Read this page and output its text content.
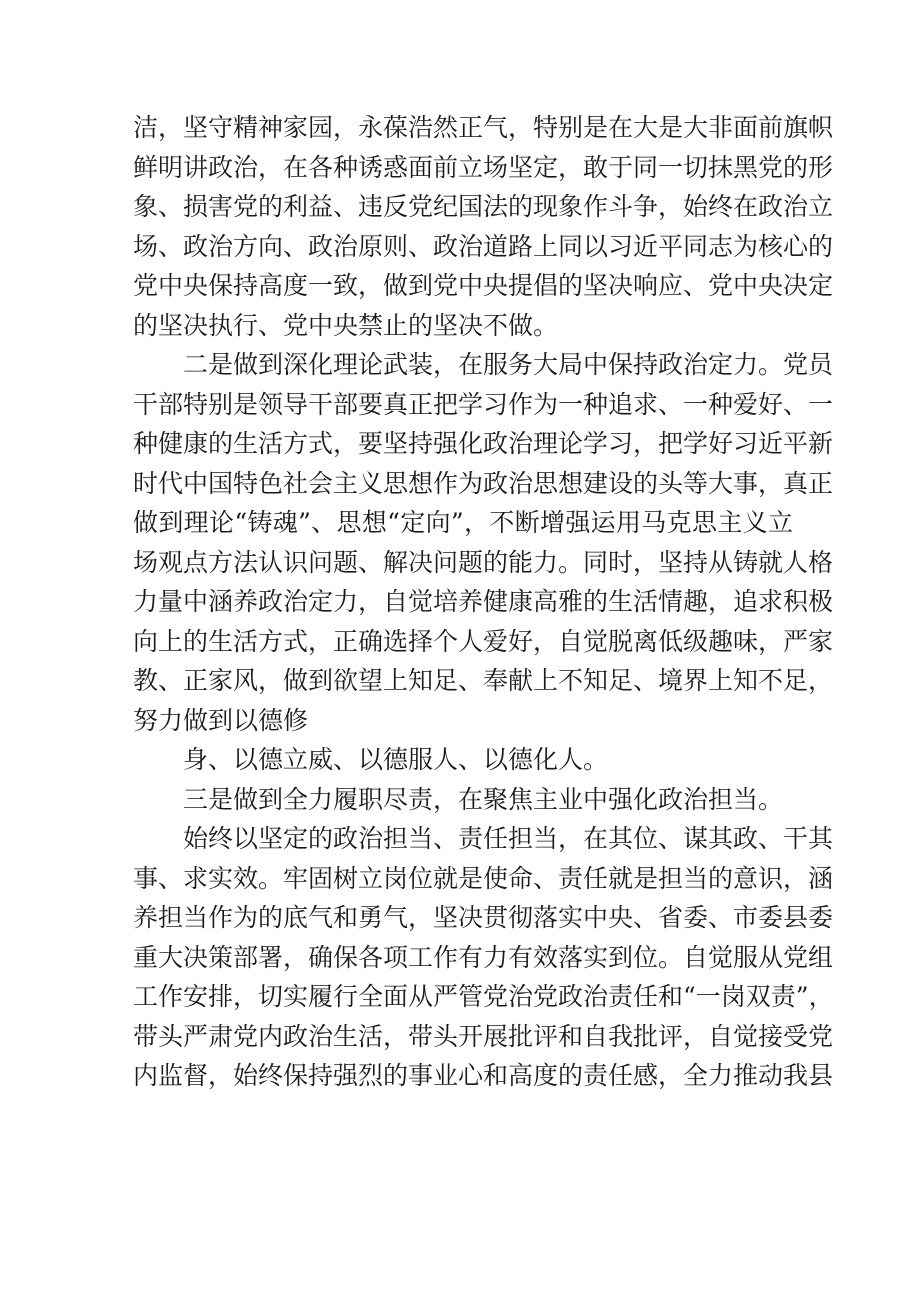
洁，坚守精神家园，永葆浩然正气，特别是在大是大非面前旗帜
鲜明讲政治，在各种诱惑面前立场坚定，敢于同一切抹黑党的形
象、损害党的利益、违反党纪国法的现象作斗争，始终在政治立
场、政治方向、政治原则、政治道路上同以习近平同志为核心的
党中央保持高度一致，做到党中央提倡的坚决响应、党中央决定
的坚决执行、党中央禁止的坚决不做。
二是做到深化理论武装，在服务大局中保持政治定力。党员
干部特别是领导干部要真正把学习作为一种追求、一种爱好、一
种健康的生活方式，要坚持强化政治理论学习，把学好习近平新
时代中国特色社会主义思想作为政治思想建设的头等大事，真正
做到理论“铸魂”、思想“定向”，不断增强运用马克思主义立
场观点方法认识问题、解决问题的能力。同时，坚持从铸就人格
力量中涵养政治定力，自觉培养健康高雅的生活情趣，追求积极
向上的生活方式，正确选择个人爱好，自觉脱离低级趣味，严家
教、正家风，做到欲望上知足、奉献上不知足、境界上知不足，
努力做到以德修
身、以德立威、以德服人、以德化人。
三是做到全力履职尽责，在聚焦主业中强化政治担当。
始终以坚定的政治担当、责任担当，在其位、谋其政、干其
事、求实效。牢固树立岗位就是使命、责任就是担当的意识，涵
养担当作为的底气和勇气，坚决贯彻落实中央、省委、市委县委
重大决策部署，确保各项工作有力有效落实到位。自觉服从党组
工作安排，切实履行全面从严管党治党政治责任和“一岗双责”，
带头严肃党内政治生活，带头开展批评和自我批评，自觉接受党
内监督，始终保持强烈的事业心和高度的责任感，全力推动我县
